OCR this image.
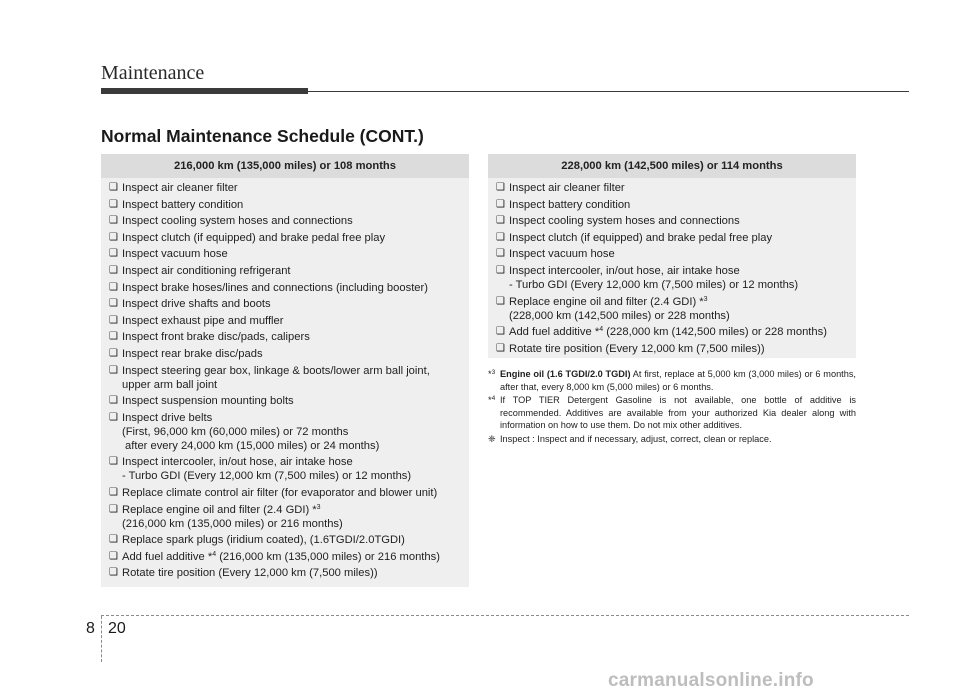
Maintenance
Normal Maintenance Schedule (CONT.)
216,000 km (135,000 miles) or 108 months
❑ Inspect air cleaner filter
❑ Inspect battery condition
❑ Inspect cooling system hoses and connections
❑ Inspect clutch (if equipped) and brake pedal free play
❑ Inspect vacuum hose
❑ Inspect air conditioning refrigerant
❑ Inspect brake hoses/lines and connections (including booster)
❑ Inspect drive shafts and boots
❑ Inspect exhaust pipe and muffler
❑ Inspect front brake disc/pads, calipers
❑ Inspect rear brake disc/pads
❑ Inspect steering gear box, linkage & boots/lower arm ball joint,
upper arm ball joint
❑ Inspect suspension mounting bolts
❑ Inspect drive belts
(First, 96,000 km (60,000 miles) or 72 months
after every 24,000 km (15,000 miles) or 24 months)
❑ Inspect intercooler, in/out hose, air intake hose
- Turbo GDI (Every 12,000 km (7,500 miles) or 12 months)
❑ Replace climate control air filter (for evaporator and blower unit)
❑ Replace engine oil and filter (2.4 GDI) *$^3$
(216,000 km (135,000 miles) or 216 months)
❑ Replace spark plugs (iridium coated), (1.6TGDI/2.0TGDI)
❑ Add fuel additive *$^4$ (216,000 km (135,000 miles) or 216 months)
❑ Rotate tire position (Every 12,000 km (7,500 miles))
228,000 km (142,500 miles) or 114 months
❑ Inspect air cleaner filter
❑ Inspect battery condition
❑ Inspect cooling system hoses and connections
❑ Inspect clutch (if equipped) and brake pedal free play
❑ Inspect vacuum hose
❑ Inspect intercooler, in/out hose, air intake hose
- Turbo GDI (Every 12,000 km (7,500 miles) or 12 months)
❑ Replace engine oil and filter (2.4 GDI) *$^3$
(228,000 km (142,500 miles) or 228 months)
❑ Add fuel additive *$^4$ (228,000 km (142,500 miles) or 228 months)
❑ Rotate tire position (Every 12,000 km (7,500 miles))
*$^3$ Engine oil (1.6 TGDI/2.0 TGDI) At first, replace at 5,000 km (3,000 miles) or 6 months, after that, every 8,000 km (5,000 miles) or 6 months.
*$^4$ If TOP TIER Detergent Gasoline is not available, one bottle of additive is recommended. Additives are available from your authorized Kia dealer along with information on how to use them. Do not mix other additives.
❈ Inspect : Inspect and if necessary, adjust, correct, clean or replace.
8 20
carmanualsonline.info
